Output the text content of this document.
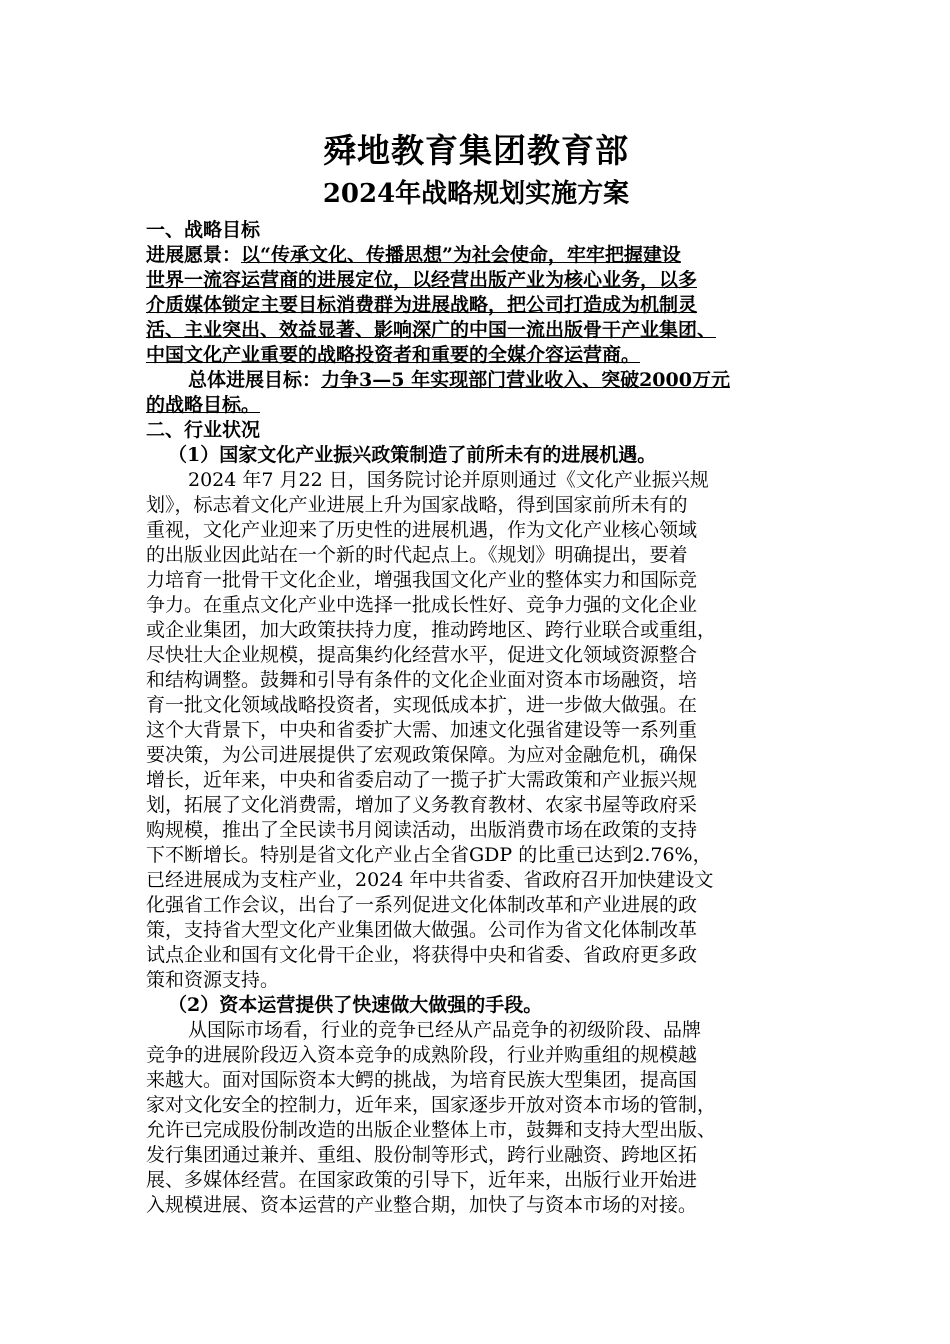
舜地教育集团教育部
2024年战略规划实施方案

一、战略目标

进展愿景：以“传承文化、传播思想”为社会使命，牢牢把握建设

世界一流容运营商的进展定位，以经营出版产业为核心业务，以多

介质媒体锁定主要目标消费群为进展战略，把公司打造成为机制灵

活、主业突出、效益显著、影响深广的中国一流出版骨干产业集团、

中国文化产业重要的战略投资者和重要的全媒介容运营商。

总体进展目标：力争3—5 年实现部门营业收入、突破2000万元

的战略目标。

二、行业状况

（1）国家文化产业振兴政策制造了前所未有的进展机遇。

2024 年7 月22 日，国务院讨论并原则通过《文化产业振兴规

划》，标志着文化产业进展上升为国家战略，得到国家前所未有的

重视，文化产业迎来了历史性的进展机遇，作为文化产业核心领域

的出版业因此站在一个新的时代起点上。《规划》明确提出，要着

力培育一批骨干文化企业，增强我国文化产业的整体实力和国际竞

争力。在重点文化产业中选择一批成长性好、竞争力强的文化企业

或企业集团，加大政策扶持力度，推动跨地区、跨行业联合或重组，

尽快壮大企业规模，提高集约化经营水平，促进文化领域资源整合

和结构调整。鼓舞和引导有条件的文化企业面对资本市场融资，培

育一批文化领域战略投资者，实现低成本扩，进一步做大做强。在

这个大背景下，中央和省委扩大需、加速文化强省建设等一系列重

要决策，为公司进展提供了宏观政策保障。为应对金融危机，确保

增长，近年来，中央和省委启动了一揽子扩大需政策和产业振兴规

划，拓展了文化消费需，增加了义务教育教材、农家书屋等政府采

购规模，推出了全民读书月阅读活动，出版消费市场在政策的支持

下不断增长。特别是省文化产业占全省GDP 的比重已达到2.76%，

已经进展成为支柱产业，2024 年中共省委、省政府召开加快建设文

化强省工作会议，出台了一系列促进文化体制改革和产业进展的政

策，支持省大型文化产业集团做大做强。公司作为省文化体制改革

试点企业和国有文化骨干企业，将获得中央和省委、省政府更多政

策和资源支持。

（2）资本运营提供了快速做大做强的手段。

从国际市场看，行业的竞争已经从产品竞争的初级阶段、品牌

竞争的进展阶段迈入资本竞争的成熟阶段，行业并购重组的规模越

来越大。面对国际资本大鳄的挑战，为培育民族大型集团，提高国

家对文化安全的控制力，近年来，国家逐步开放对资本市场的管制，

允许已完成股份制改造的出版企业整体上市，鼓舞和支持大型出版、

发行集团通过兼并、重组、股份制等形式，跨行业融资、跨地区拓

展、多媒体经营。在国家政策的引导下，近年来，出版行业开始进

入规模进展、资本运营的产业整合期，加快了与资本市场的对接。
